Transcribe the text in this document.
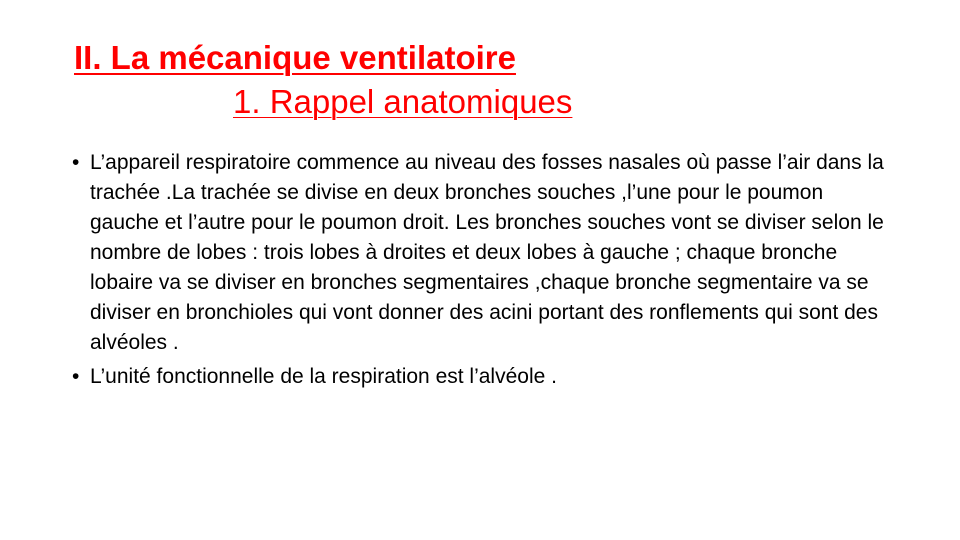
II. La mécanique ventilatoire
1. Rappel anatomiques
• L’appareil respiratoire commence au niveau des fosses nasales où passe l’air dans la trachée .La trachée se divise en deux bronches souches ,l’une pour le poumon gauche et l’autre pour le poumon droit. Les bronches souches vont se diviser selon le nombre de lobes : trois lobes à droites et deux lobes à gauche ; chaque bronche lobaire va se diviser en bronches segmentaires ,chaque bronche segmentaire va se diviser en bronchioles qui vont donner des acini portant des ronflements qui sont des alvéoles .
• L’unité fonctionnelle de la respiration est l’alvéole .
